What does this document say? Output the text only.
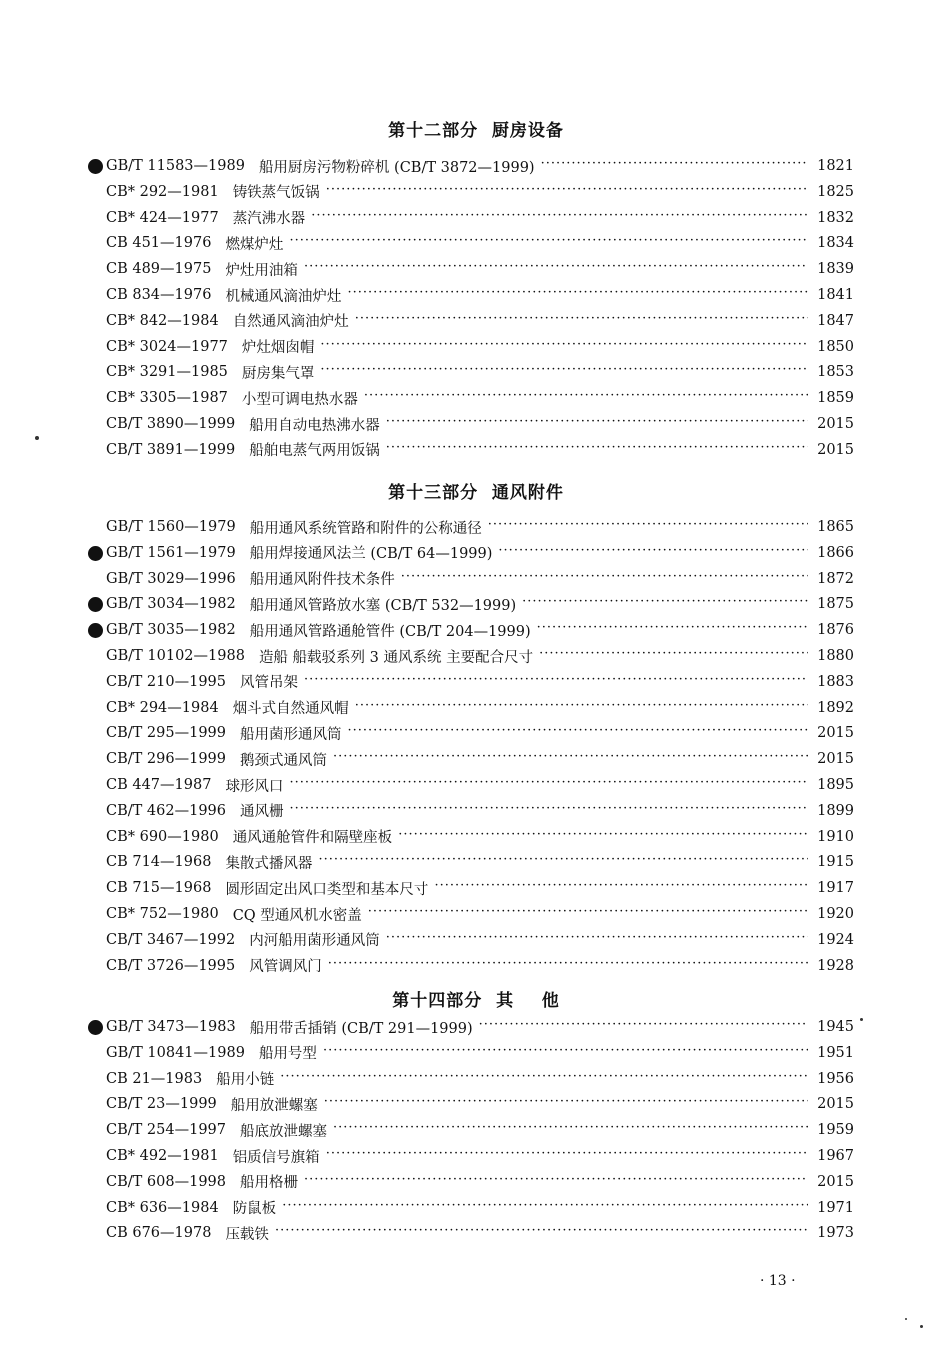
· 13 ·
第十二部分  厨房设备
GB/T 11583—1989 船用厨房污物粉碎机 (CB/T 3872—1999) ·····	1821
CB* 292—1981 铸铁蒸气饭锅 ·····	1825
CB* 424—1977 蒸汽沸水器 ·····	1832
CB 451—1976 燃煤炉灶 ·····	1834
CB 489—1975 炉灶用油箱 ·····	1839
CB 834—1976 机械通风滴油炉灶 ·····	1841
CB* 842—1984 自然通风滴油炉灶 ·····	1847
CB* 3024—1977 炉灶烟囱帽 ·····	1850
CB* 3291—1985 厨房集气罩 ·····	1853
CB* 3305—1987 小型可调电热水器 ·····	1859
CB/T 3890—1999 船用自动电热沸水器 ·····	2015
CB/T 3891—1999 船舶电蒸气两用饭锅 ·····	2015
第十三部分  通风附件
GB/T 1560—1979 船用通风系统管路和附件的公称通径 ·····	1865
GB/T 1561—1979 船用焊接通风法兰 (CB/T 64—1999) ·····	1866
GB/T 3029—1996 船用通风附件技术条件 ·····	1872
GB/T 3034—1982 船用通风管路放水塞 (CB/T 532—1999) ·····	1875
GB/T 3035—1982 船用通风管路通舱管件 (CB/T 204—1999) ·····	1876
GB/T 10102—1988 造船 船载驳系列 3 通风系统 主要配合尺寸 ·····	1880
CB/T 210—1995 风管吊架 ·····	1883
CB* 294—1984 烟斗式自然通风帽 ·····	1892
CB/T 295—1999 船用菌形通风筒 ·····	2015
CB/T 296—1999 鹅颈式通风筒 ·····	2015
CB 447—1987 球形风口 ·····	1895
CB/T 462—1996 通风栅 ·····	1899
CB* 690—1980 通风通舱管件和隔壁座板 ·····	1910
CB 714—1968 集散式播风器 ·····	1915
CB 715—1968 圆形固定出风口类型和基本尺寸 ·····	1917
CB* 752—1980 CQ 型通风机水密盖 ·····	1920
CB/T 3467—1992 内河船用菌形通风筒 ·····	1924
CB/T 3726—1995 风管调风门 ·····	1928
第十四部分  其    他
GB/T 3473—1983 船用带舌插销 (CB/T 291—1999) ·····	1945
GB/T 10841—1989 船用号型 ·····	1951
CB 21—1983 船用小链 ·····	1956
CB/T 23—1999 船用放泄螺塞 ·····	2015
CB/T 254—1997 船底放泄螺塞 ·····	1959
CB* 492—1981 铝质信号旗箱 ·····	1967
CB/T 608—1998 船用格栅 ·····	2015
CB* 636—1984 防鼠板 ·····	1971
CB 676—1978 压载铁 ·····	1973
